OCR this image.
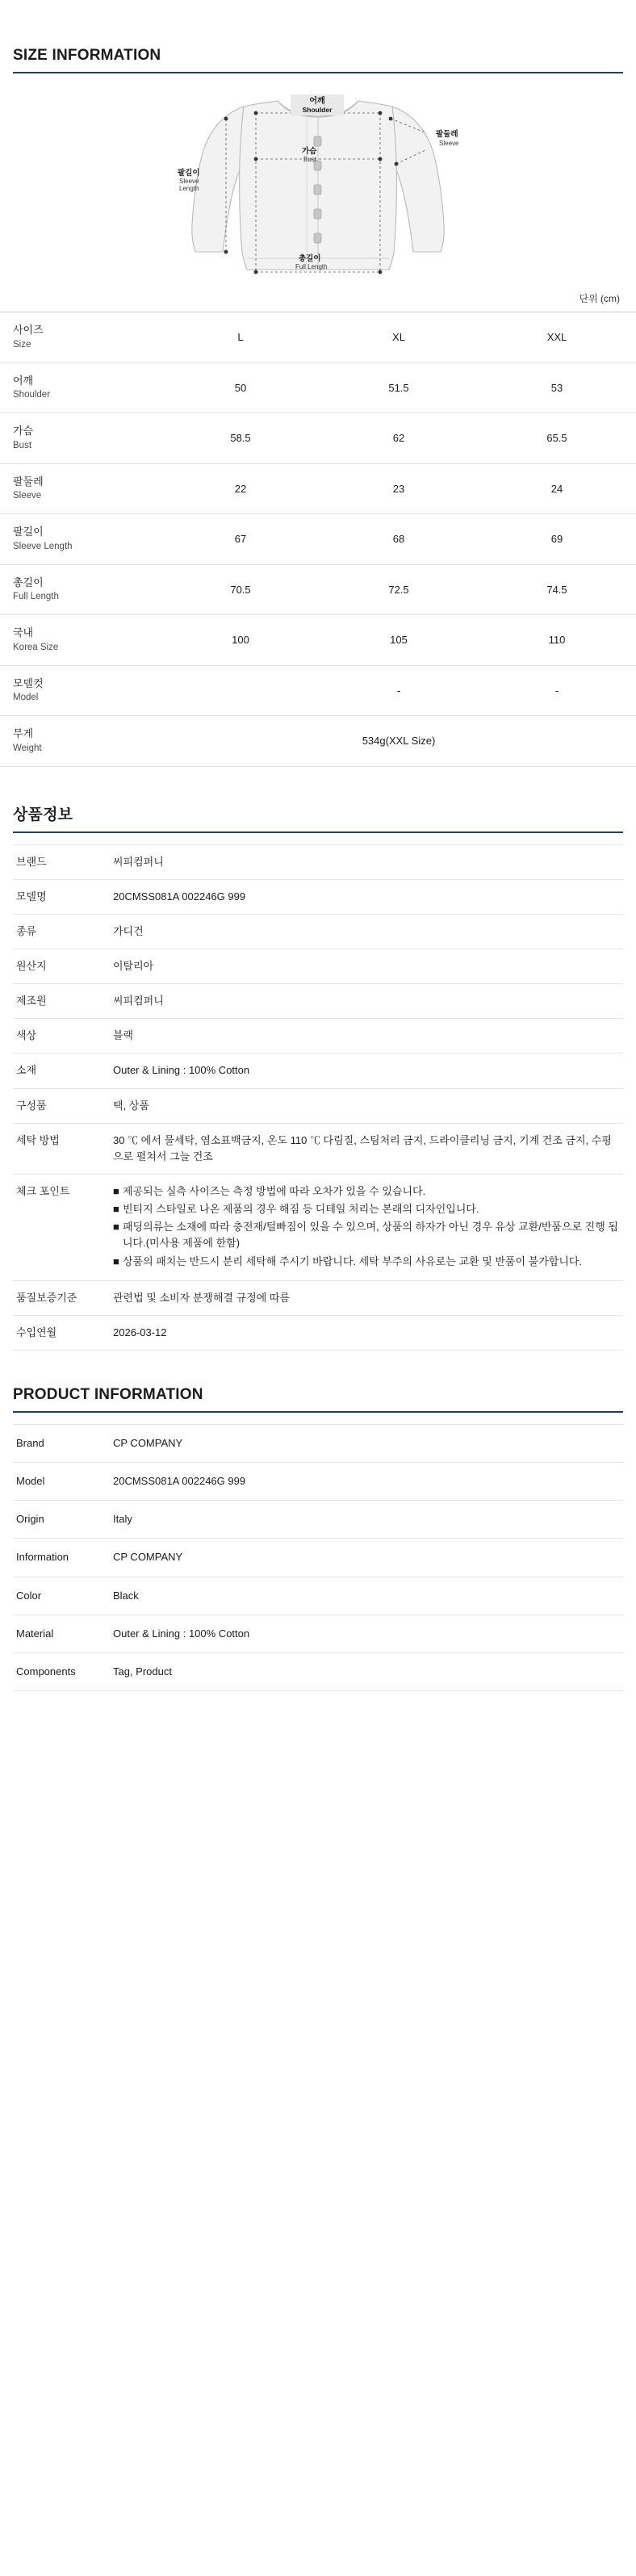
SIZE INFORMATION
어깨
Shoulder
팔둘레
Sleeve
가슴
Bust
팔길이
Sleeve
Length
총길이
Full Length
단위 (cm)
사이즈
Size	L	XL	XXL

어깨
Shoulder	50	51.5	53

가슴
Bust	58.5	62	65.5

팔둘레
Sleeve	22	23	24

팔길이
Sleeve Length	67	68	69

총길이
Full Length	70.5	72.5	74.5

국내
Korea Size	100	105	110

모델컷
Model		-	-

무게
Weight	534g(XXL Size)		
상품정보
브랜드	씨피컴퍼니
모델명	20CMSS081A 002246G 999
종류	가디건
원산지	이탈리아
제조원	씨피컴퍼니
색상	블랙
소재	Outer & Lining : 100% Cotton
구성품	택, 상품
세탁 방법	30 ℃ 에서 물세탁, 염소표백금지, 온도 110 ℃ 다림질, 스팀처리 금지, 드라이클리닝 금지, 기계 건조 금지, 수평으로 펼쳐서 그늘 건조
체크 포인트	■ 제공되는 실측 사이즈는 측정 방법에 따라 오차가 있을 수 있습니다.

■ 빈티지 스타일로 나온 제품의 경우 해짐 등 디테일 처리는 본래의 디자인입니다.

■ 패딩의류는 소재에 따라 충전재/털빠짐이 있을 수 있으며, 상품의 하자가 아닌 경우 유상 교환/반품으로 진행 됩니다.(미사용 제품에 한함)

■ 상품의 패치는 반드시 분리 세탁해 주시기 바랍니다. 세탁 부주의 사유로는 교환 및 반품이 불가합니다.

품질보증기준	관련법 및 소비자 분쟁해결 규정에 따름
수입연월	2026-03-12
PRODUCT INFORMATION
Brand	CP COMPANY
Model	20CMSS081A 002246G 999
Origin	Italy
Information	CP COMPANY
Color	Black
Material	Outer & Lining : 100% Cotton
Components	Tag, Product
